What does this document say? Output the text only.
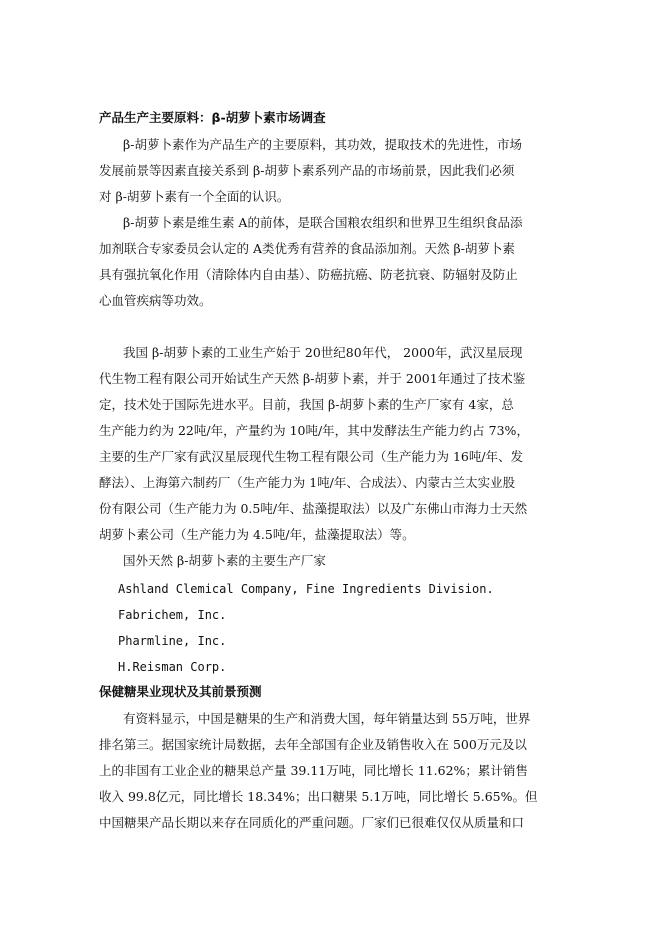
产品生产主要原料：β-胡萝卜素市场调查
β-胡萝卜素作为产品生产的主要原料，其功效，提取技术的先进性，市场
发展前景等因素直接关系到 β-胡萝卜素系列产品的市场前景，因此我们必须
对 β-胡萝卜素有一个全面的认识。
β-胡萝卜素是维生素 A的前体，是联合国粮农组织和世界卫生组织食品添
加剂联合专家委员会认定的 A类优秀有营养的食品添加剂。天然 β-胡萝卜素
具有强抗氧化作用（清除体内自由基）、防癌抗癌、防老抗衰、防辐射及防止
心血管疾病等功效。
我国 β-胡萝卜素的工业生产始于 20世纪80年代， 2000年，武汉星辰现
代生物工程有限公司开始试生产天然 β-胡萝卜素，并于 2001年通过了技术鉴
定，技术处于国际先进水平。目前，我国 β-胡萝卜素的生产厂家有 4家，总
生产能力约为 22吨/年，产量约为 10吨/年，其中发酵法生产能力约占 73%，
主要的生产厂家有武汉星辰现代生物工程有限公司（生产能力为 16吨/年、发
酵法）、上海第六制药厂（生产能力为 1吨/年、合成法）、内蒙古兰太实业股
份有限公司（生产能力为 0.5吨/年、盐藻提取法）以及广东佛山市海力士天然
胡萝卜素公司（生产能力为 4.5吨/年，盐藻提取法）等。
国外天然 β-胡萝卜素的主要生产厂家
Ashland Clemical Company, Fine Ingredients Division.
Fabrichem, Inc.
Pharmline, Inc.
H.Reisman Corp.
保健糖果业现状及其前景预测
有资料显示，中国是糖果的生产和消费大国，每年销量达到 55万吨，世界
排名第三。据国家统计局数据，去年全部国有企业及销售收入在 500万元及以
上的非国有工业企业的糖果总产量 39.11万吨，同比增长 11.62%；累计销售
收入 99.8亿元，同比增长 18.34%；出口糖果 5.1万吨，同比增长 5.65%。但
中国糖果产品长期以来存在同质化的严重问题。厂家们已很难仅仅从质量和口
